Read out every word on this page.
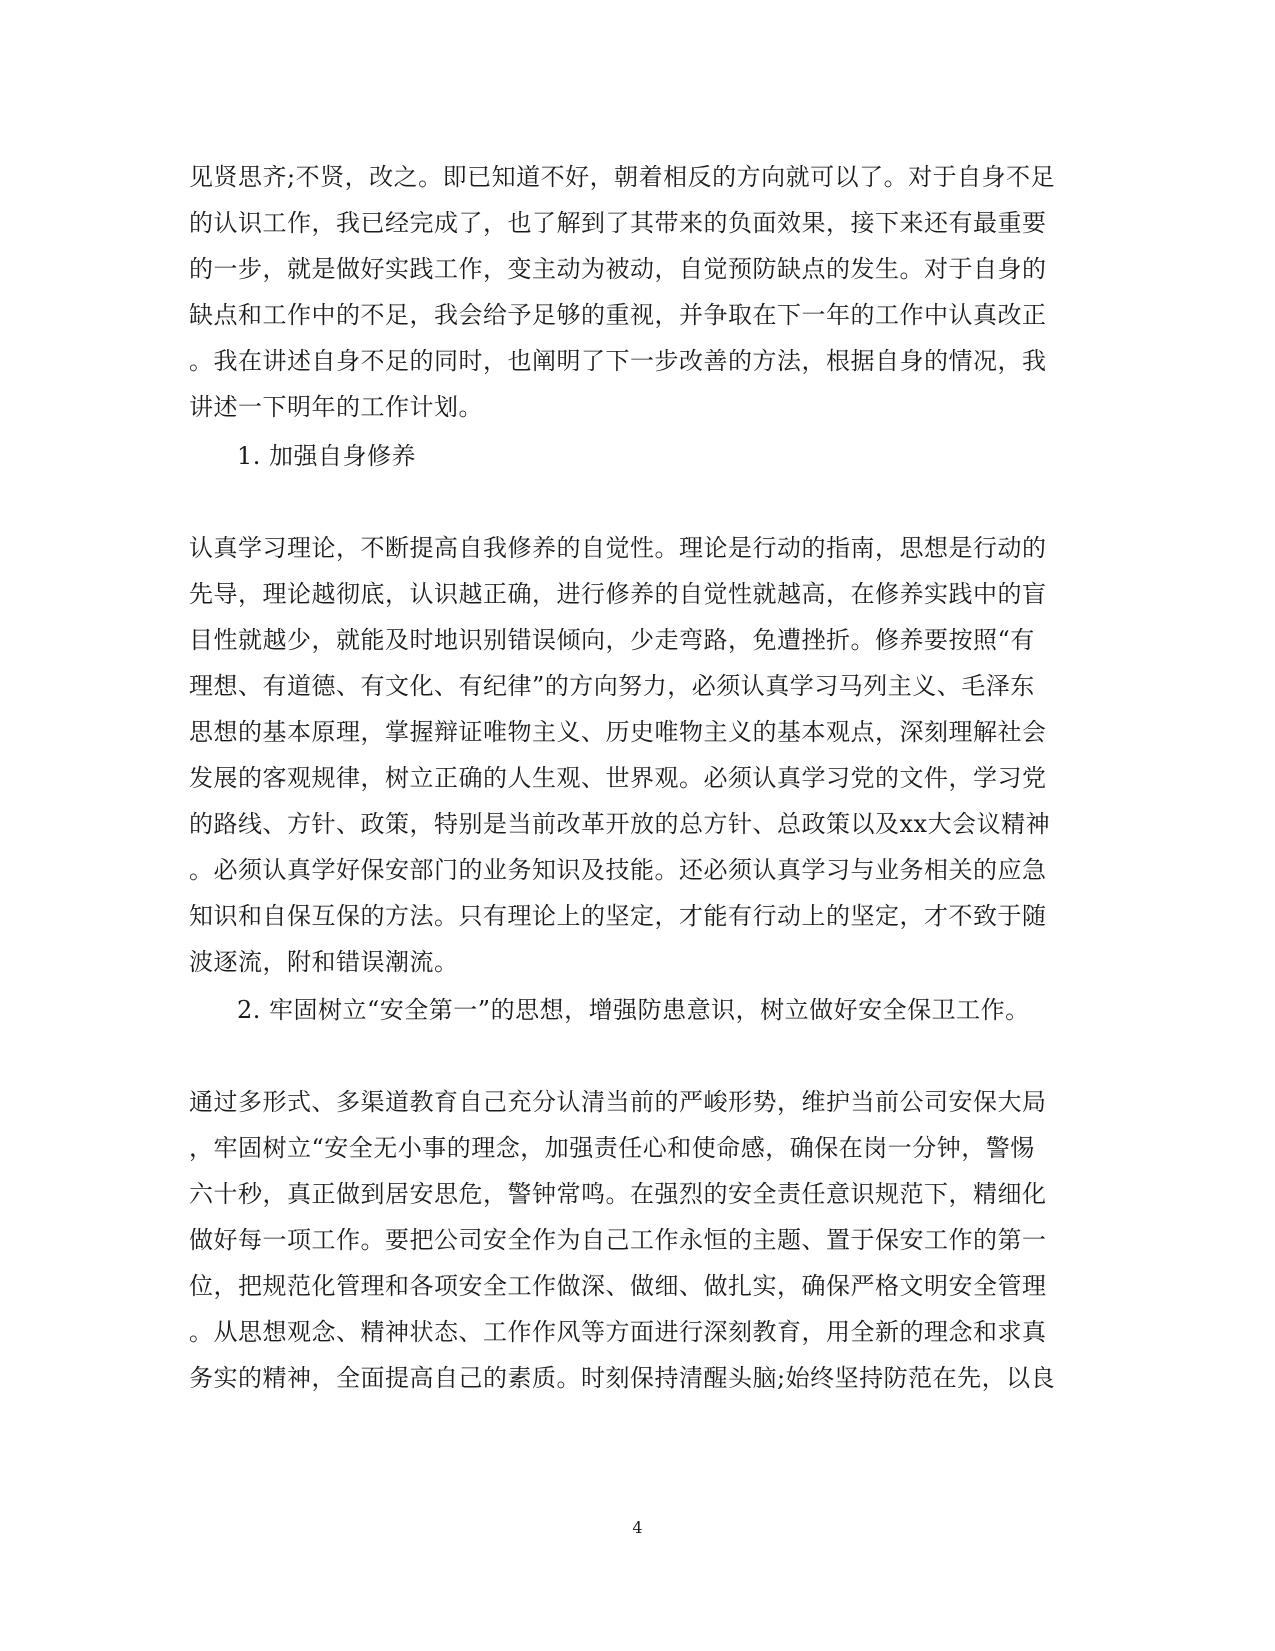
见贤思齐;不贤，改之。即已知道不好，朝着相反的方向就可以了。对于自身不足
的认识工作，我已经完成了，也了解到了其带来的负面效果，接下来还有最重要
的一步，就是做好实践工作，变主动为被动，自觉预防缺点的发生。对于自身的
缺点和工作中的不足，我会给予足够的重视，并争取在下一年的工作中认真改正
。我在讲述自身不足的同时，也阐明了下一步改善的方法，根据自身的情况，我
讲述一下明年的工作计划。
1. 加强自身修养
认真学习理论，不断提高自我修养的自觉性。理论是行动的指南，思想是行动的
先导，理论越彻底，认识越正确，进行修养的自觉性就越高，在修养实践中的盲
目性就越少，就能及时地识别错误倾向，少走弯路，免遭挫折。修养要按照“有
理想、有道德、有文化、有纪律”的方向努力，必须认真学习马列主义、毛泽东
思想的基本原理，掌握辩证唯物主义、历史唯物主义的基本观点，深刻理解社会
发展的客观规律，树立正确的人生观、世界观。必须认真学习党的文件，学习党
的路线、方针、政策，特别是当前改革开放的总方针、总政策以及xx大会议精神
。必须认真学好保安部门的业务知识及技能。还必须认真学习与业务相关的应急
知识和自保互保的方法。只有理论上的坚定，才能有行动上的坚定，才不致于随
波逐流，附和错误潮流。
2. 牢固树立“安全第一”的思想，增强防患意识，树立做好安全保卫工作。
通过多形式、多渠道教育自己充分认清当前的严峻形势，维护当前公司安保大局
，牢固树立“安全无小事的理念，加强责任心和使命感，确保在岗一分钟，警惕
六十秒，真正做到居安思危，警钟常鸣。在强烈的安全责任意识规范下，精细化
做好每一项工作。要把公司安全作为自己工作永恒的主题、置于保安工作的第一
位，把规范化管理和各项安全工作做深、做细、做扎实，确保严格文明安全管理
。从思想观念、精神状态、工作作风等方面进行深刻教育，用全新的理念和求真
务实的精神，全面提高自己的素质。时刻保持清醒头脑;始终坚持防范在先，以良
4
